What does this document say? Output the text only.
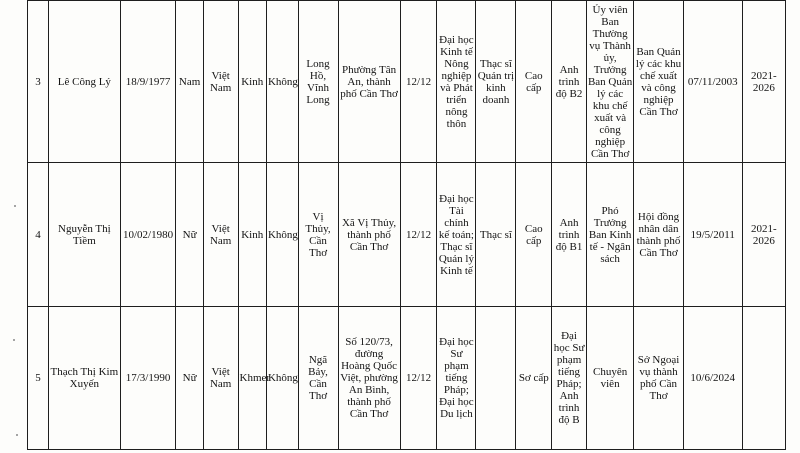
3	Lê Công Lý	18/9/1977	Nam	Việt Nam	Kinh	Không	Long Hồ, Vĩnh Long	Phường Tân An, thành phố Cần Thơ	12/12	Đại học Kinh tế Nông nghiệp và Phát triển nông thôn	Thạc sĩ Quản trị kinh doanh	Cao cấp	Anh trình độ B2	Ủy viên Ban Thường vụ Thành ủy, Trưởng Ban Quản lý các khu chế xuất và công nghiệp Cần Thơ	Ban Quản lý các khu chế xuất và công nghiệp Cần Thơ	07/11/2003	2021-2026
4	Nguyễn Thị Tiềm	10/02/1980	Nữ	Việt Nam	Kinh	Không	Vị Thủy, Cần Thơ	Xã Vị Thủy, thành phố Cần Thơ	12/12	Đại học Tài chính kế toán; Thạc sĩ Quản lý Kinh tế	Thạc sĩ	Cao cấp	Anh trình độ B1	Phó Trưởng Ban Kinh tế - Ngân sách	Hội đồng nhân dân thành phố Cần Thơ	19/5/2011	2021-2026
5	Thạch Thị Kim Xuyến	17/3/1990	Nữ	Việt Nam	Khmer	Không	Ngã Bảy, Cần Thơ	Số 120/73, đường Hoàng Quốc Việt, phường An Bình, thành phố Cần Thơ	12/12	Đại học Sư phạm tiếng Pháp; Đại học Du lịch		Sơ cấp	Đại học Sư phạm tiếng Pháp; Anh trình độ B	Chuyên viên	Sở Ngoại vụ thành phố Cần Thơ	10/6/2024	
